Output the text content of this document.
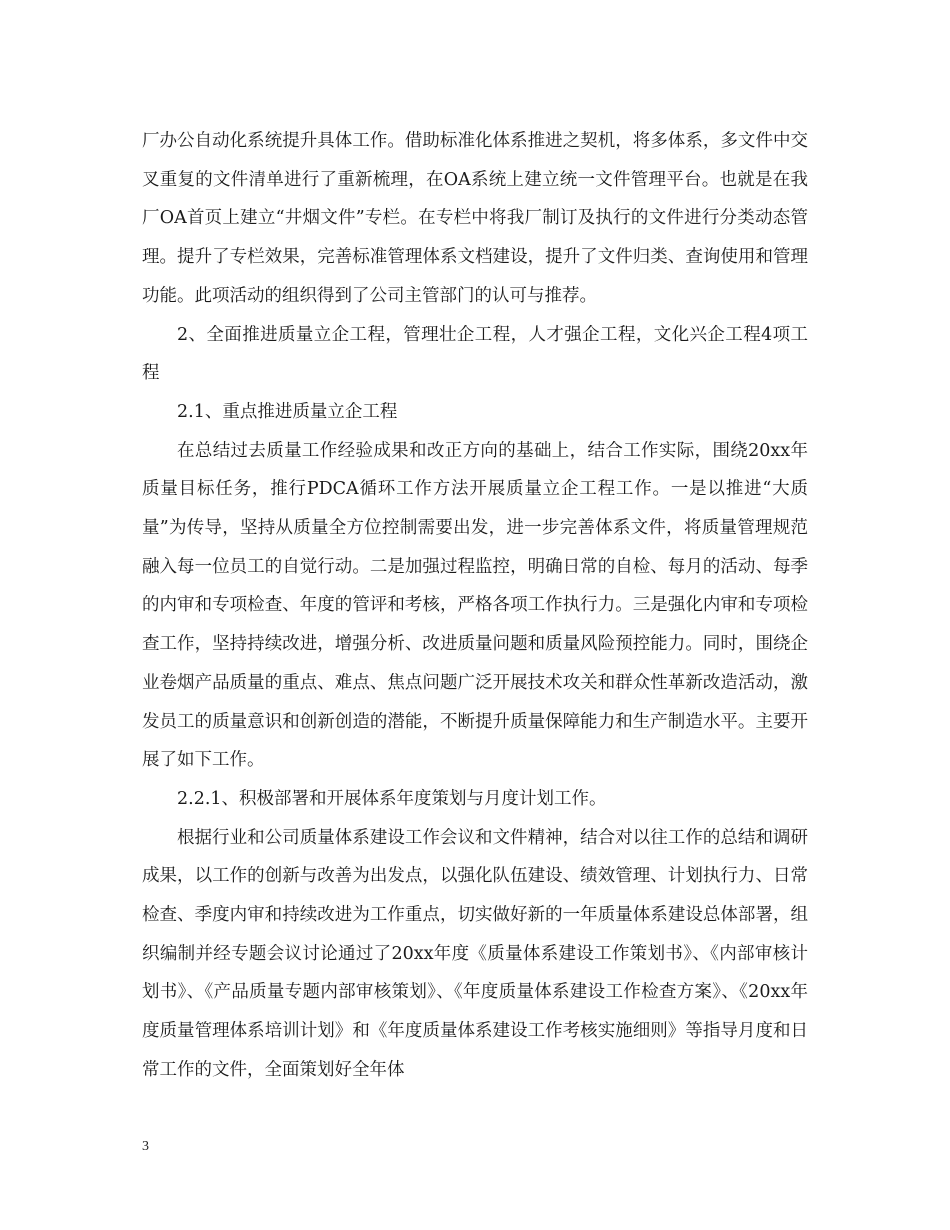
厂办公自动化系统提升具体工作。借助标准化体系推进之契机，将多体系，多文件中交叉重复的文件清单进行了重新梳理，在OA系统上建立统一文件管理平台。也就是在我厂OA首页上建立“井烟文件”专栏。在专栏中将我厂制订及执行的文件进行分类动态管理。提升了专栏效果，完善标准管理体系文档建设，提升了文件归类、查询使用和管理功能。此项活动的组织得到了公司主管部门的认可与推荐。

2、全面推进质量立企工程，管理壮企工程，人才强企工程，文化兴企工程4项工程

2.1、重点推进质量立企工程

在总结过去质量工作经验成果和改正方向的基础上，结合工作实际，围绕20xx年质量目标任务，推行PDCA循环工作方法开展质量立企工程工作。一是以推进“大质量”为传导，坚持从质量全方位控制需要出发，进一步完善体系文件，将质量管理规范融入每一位员工的自觉行动。二是加强过程监控，明确日常的自检、每月的活动、每季的内审和专项检查、年度的管评和考核，严格各项工作执行力。三是强化内审和专项检查工作，坚持持续改进，增强分析、改进质量问题和质量风险预控能力。同时，围绕企业卷烟产品质量的重点、难点、焦点问题广泛开展技术攻关和群众性革新改造活动，激发员工的质量意识和创新创造的潜能，不断提升质量保障能力和生产制造水平。主要开展了如下工作。

2.2.1、积极部署和开展体系年度策划与月度计划工作。

根据行业和公司质量体系建设工作会议和文件精神，结合对以往工作的总结和调研成果，以工作的创新与改善为出发点，以强化队伍建设、绩效管理、计划执行力、日常检查、季度内审和持续改进为工作重点，切实做好新的一年质量体系建设总体部署，组织编制并经专题会议讨论通过了20xx年度《质量体系建设工作策划书》、《内部审核计划书》、《产品质量专题内部审核策划》、《年度质量体系建设工作检查方案》、《20xx年度质量管理体系培训计划》和《年度质量体系建设工作考核实施细则》等指导月度和日常工作的文件，全面策划好全年体

3
